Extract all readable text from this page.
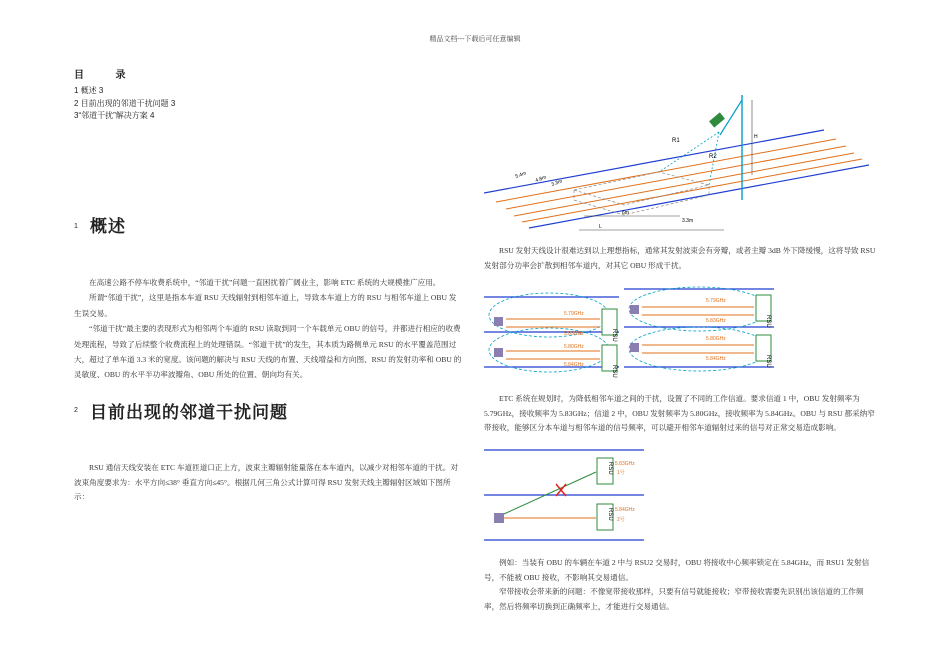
精品文档---下载后可任意编辑
目 录
1 概述 3
2 目前出现的邻道干扰问题 3
3“邻道干扰”解决方案 4
1 概述
在高速公路不停车收费系统中，“邻道干扰”问题一直困扰着广阔业主，影响 ETC 系统的大规模推广应用。
所谓“邻道干扰”，这里是指本车道 RSU 天线辐射到相邻车道上，导致本车道上方的 RSU 与相邻车道上 OBU 发生误交易。
“邻道干扰”最主要的表现形式为相邻两个车道的 RSU 读取到同一个车载单元 OBU 的信号，并都进行相应的收费处理流程，导致了后续整个收费流程上的处理错误。“邻道干扰”的发生，其本质为路侧单元 RSU 的水平覆盖范围过大，超过了单车道 3.3 米的宽度。该问题的解决与 RSU 天线的布置、天线增益和方向图、RSU 的发射功率和 OBU 的灵敏度、OBU 的水平半功率波瓣角、OBU 所处的位置、朝向均有关。
2 目前出现的邻道干扰问题
RSU 通信天线安装在 ETC 车道匝道口正上方，波束主瓣辐射能量落在本车道内，以减少对相邻车道的干扰。对波束角度要求为：水平方向≤38° 垂直方向≤45°。根据几何三角公式计算可得 RSU 发射天线主瓣辐射区域如下图所示：
R1
R2
5.4m 4.8m 3.3m
6m
3.3m
L
H
RSU 发射天线设计很难达到以上理想指标，通常其发射波束会有旁瓣，或者主瓣 3dB 外下降缓慢，这将导致 RSU 发射部分功率会扩散到相邻车道内，对其它 OBU 形成干扰。
RSU
RSU
5.79GHz
5.83GHz
5.80GHz
5.84GHz
RSU
RSU
5.79GHz
5.83GHz
5.80GHz
5.84GHz
ETC 系统在规划时，为降低相邻车道之间的干扰，设置了不同的工作信道。要求信道 1 中，OBU 发射频率为 5.79GHz，接收频率为 5.83GHz；信道 2 中，OBU 发射频率为 5.80GHz，接收频率为 5.84GHz。OBU 与 RSU 都采纳窄带接收，能够区分本车道与相邻车道的信号频率，可以避开相邻车道辐射过来的信号对正常交易造成影响。
RSU
RSU
5.83GHz
1号
5.84GHz
2号
例如：当装有 OBU 的车辆在车道 2 中与 RSU2 交易时，OBU 将接收中心频率锁定在 5.84GHz，而 RSU1 发射信号，不能被 OBU 接收，不影响其交易通信。
窄带接收会带来新的问题：不像宽带接收那样，只要有信号就能接收；窄带接收需要先识别出该信道的工作频率，然后将频率切换到正确频率上，才能进行交易通信。
